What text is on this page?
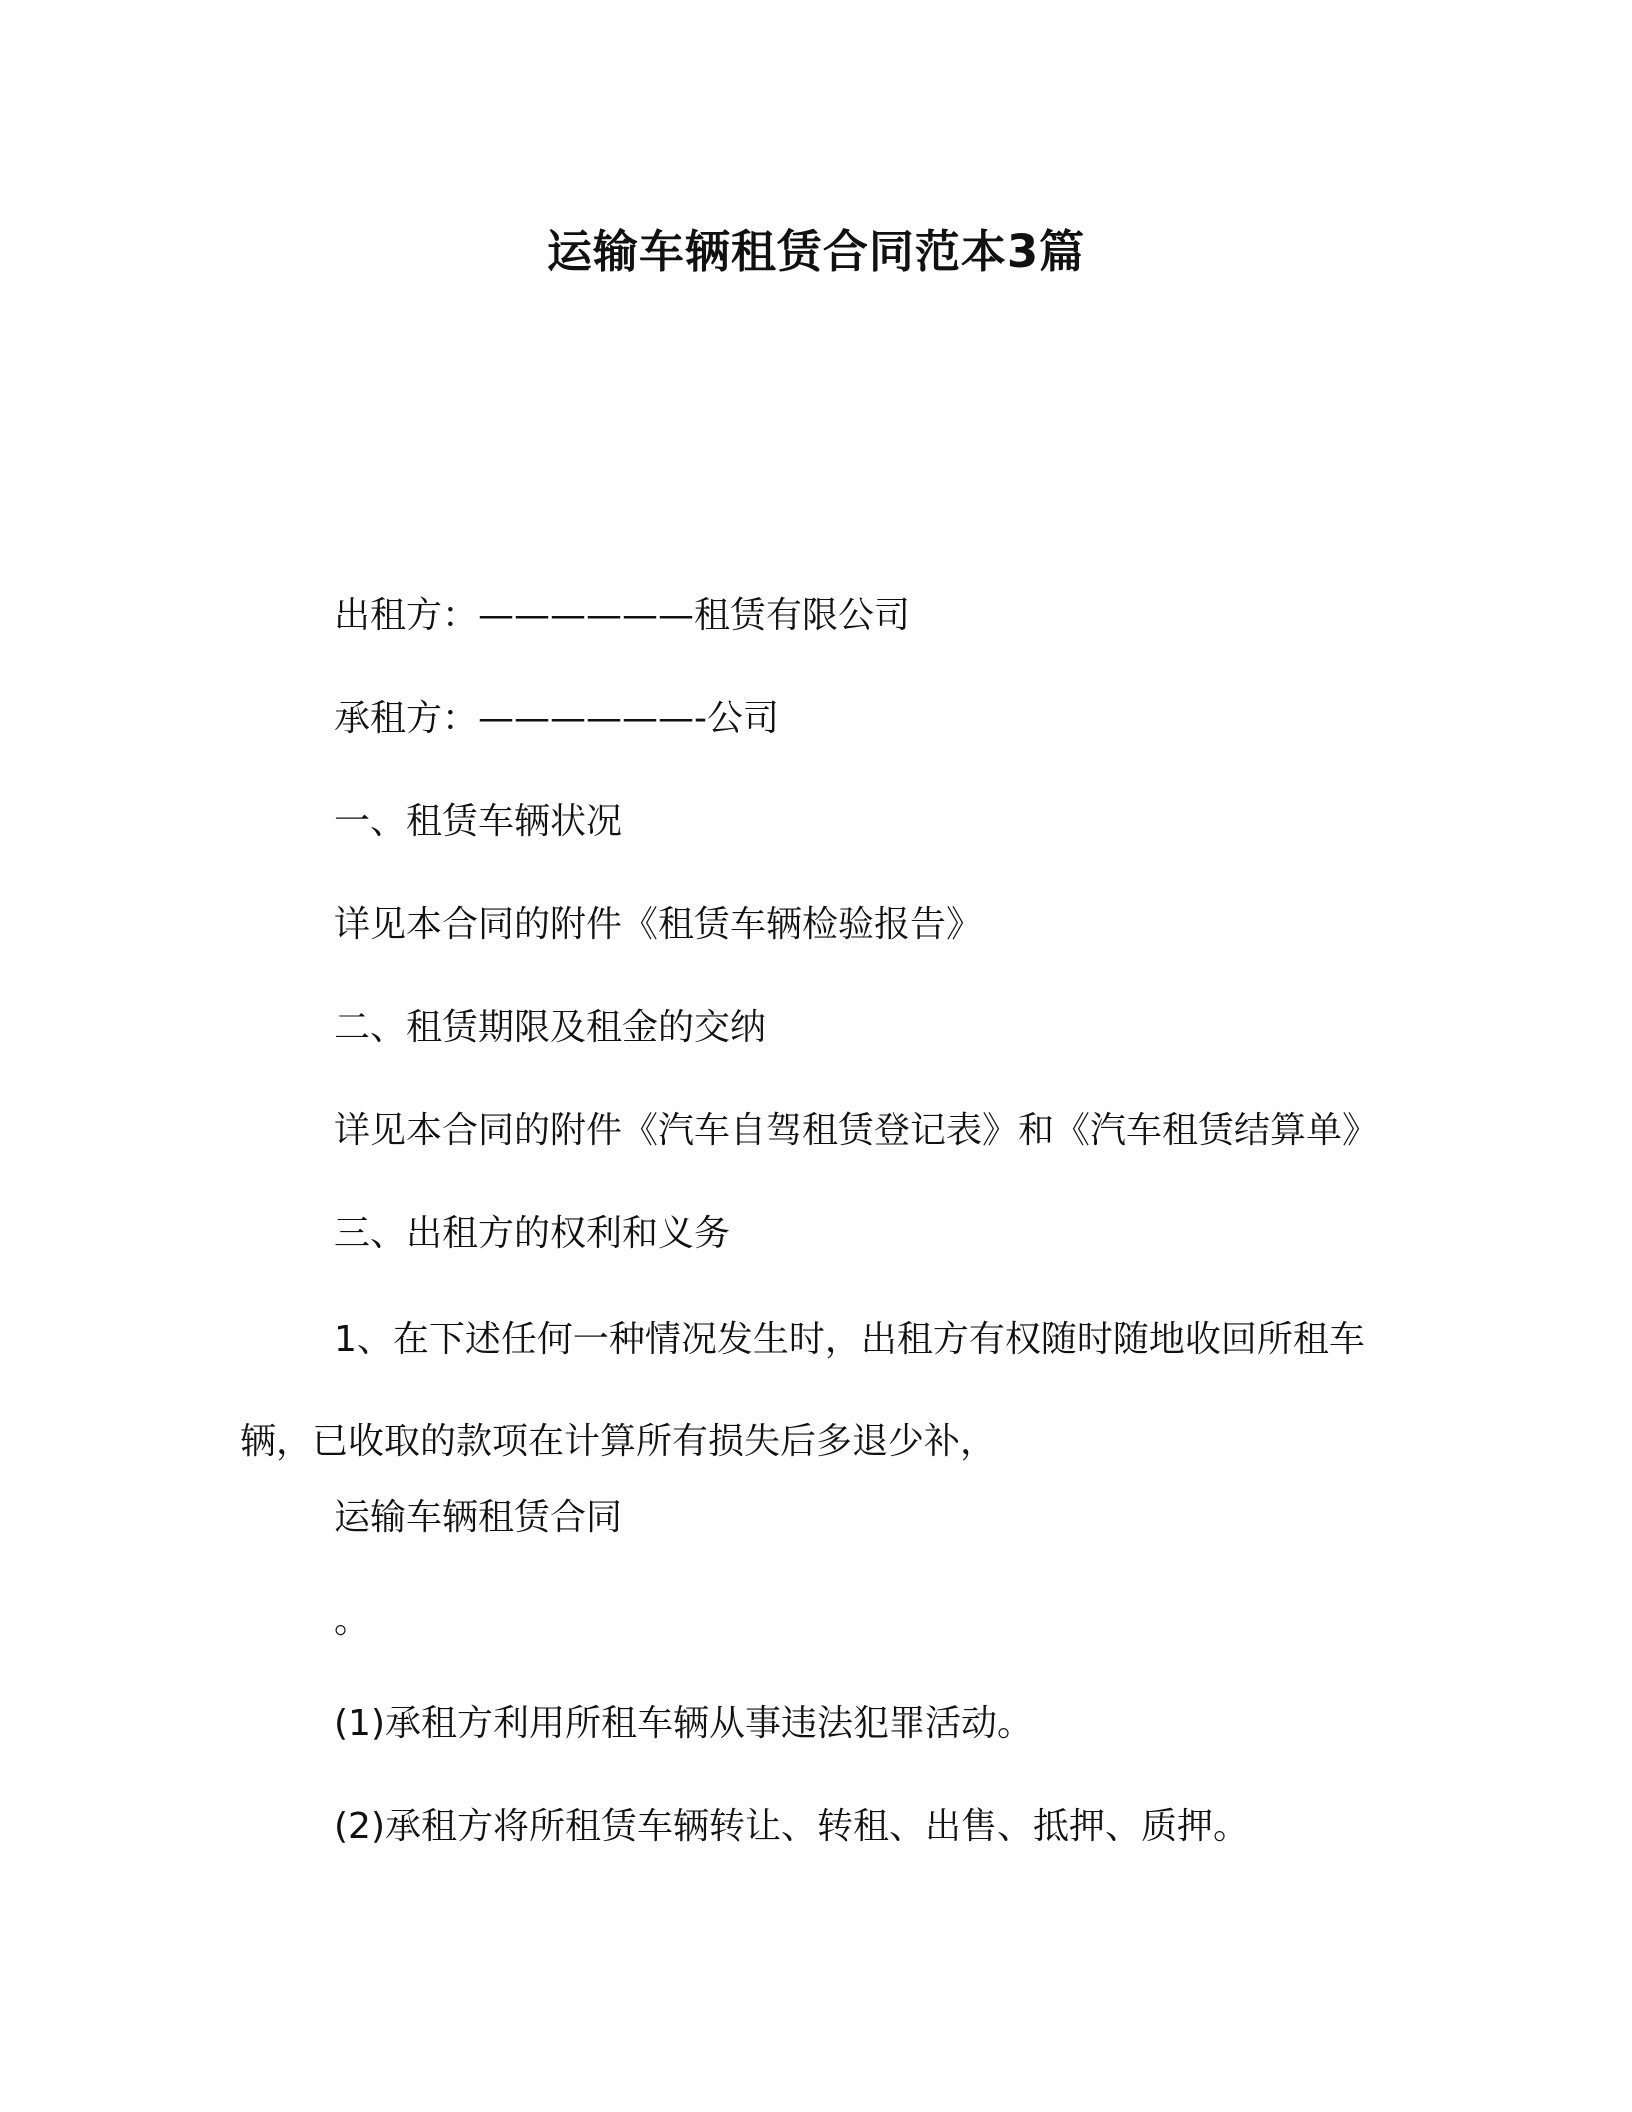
运输车辆租赁合同范本3篇

出租方：——————租赁有限公司

承租方：——————-公司

一、租赁车辆状况

详见本合同的附件《租赁车辆检验报告》

二、租赁期限及租金的交纳

详见本合同的附件《汽车自驾租赁登记表》和《汽车租赁结算单》

三、出租方的权利和义务

1、在下述任何一种情况发生时，出租方有权随时随地收回所租车辆，已收取的款项在计算所有损失后多退少补，

运输车辆租赁合同

。

(1)承租方利用所租车辆从事违法犯罪活动。

(2)承租方将所租赁车辆转让、转租、出售、抵押、质押。
